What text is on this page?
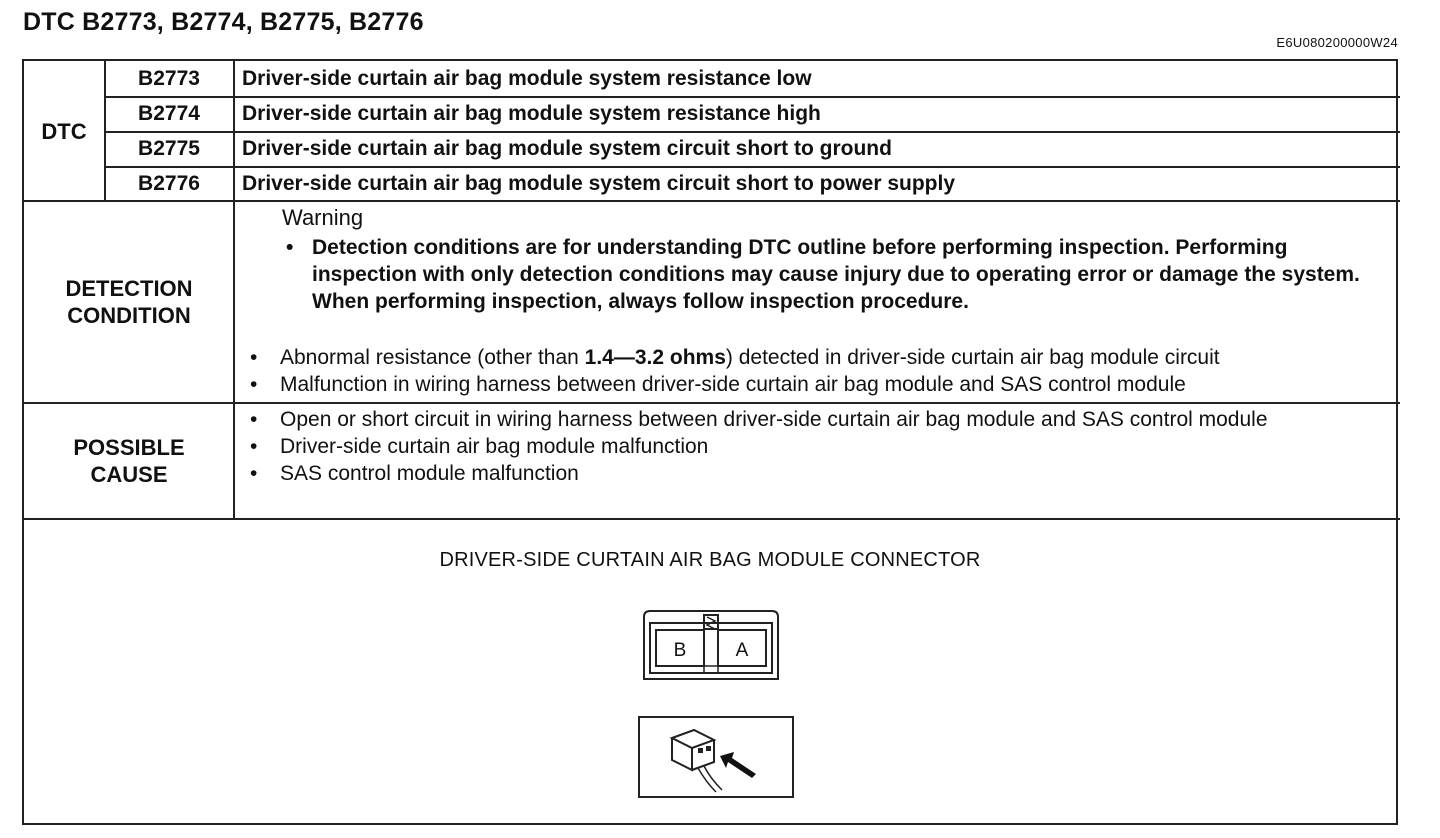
DTC B2773, B2774, B2775, B2776
E6U080200000W24
DTC
B2773	Driver-side curtain air bag module system resistance low
B2774	Driver-side curtain air bag module system resistance high
B2775	Driver-side curtain air bag module system circuit short to ground
B2776	Driver-side curtain air bag module system circuit short to power supply
DETECTION
CONDITION
Warning
• Detection conditions are for understanding DTC outline before performing inspection. Performing inspection with only detection conditions may cause injury due to operating error or damage the system. When performing inspection, always follow inspection procedure.
• Abnormal resistance (other than 1.4—3.2 ohms) detected in driver-side curtain air bag module circuit
• Malfunction in wiring harness between driver-side curtain air bag module and SAS control module
POSSIBLE
CAUSE
• Open or short circuit in wiring harness between driver-side curtain air bag module and SAS control module
• Driver-side curtain air bag module malfunction
• SAS control module malfunction
DRIVER-SIDE CURTAIN AIR BAG MODULE CONNECTOR
B	A
